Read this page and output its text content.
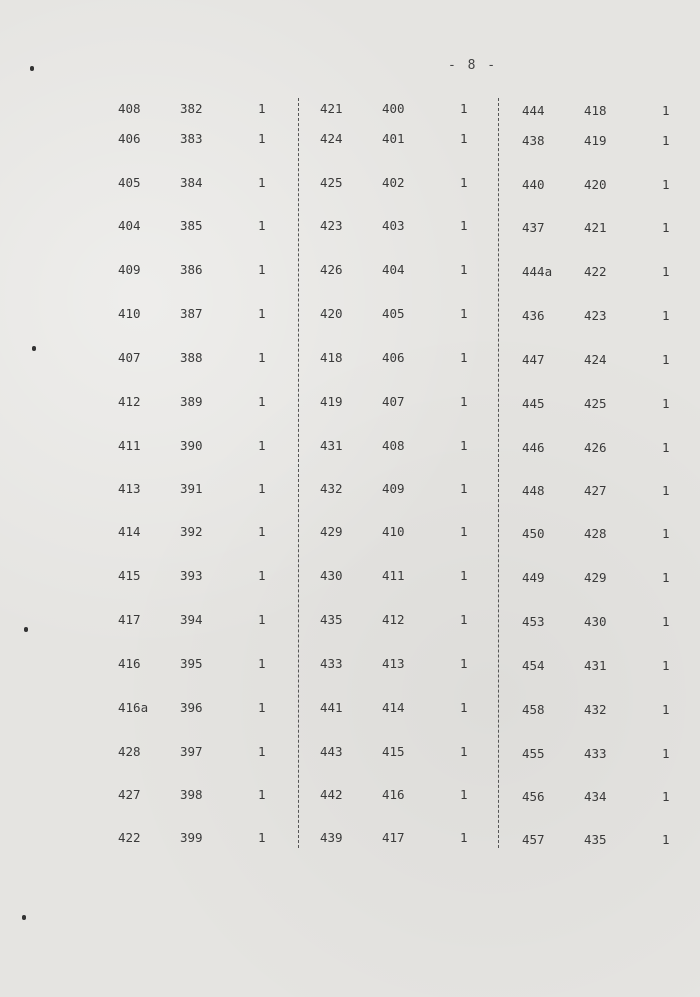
- 8 -
408	382	1	421	400	1	444	418	1
406	383	1	424	401	1	438	419	1
405	384	1	425	402	1	440	420	1
404	385	1	423	403	1	437	421	1
409	386	1	426	404	1	444a	422	1
410	387	1	420	405	1	436	423	1
407	388	1	418	406	1	447	424	1
412	389	1	419	407	1	445	425	1
411	390	1	431	408	1	446	426	1
413	391	1	432	409	1	448	427	1
414	392	1	429	410	1	450	428	1
415	393	1	430	411	1	449	429	1
417	394	1	435	412	1	453	430	1
416	395	1	433	413	1	454	431	1
416a	396	1	441	414	1	458	432	1
428	397	1	443	415	1	455	433	1
427	398	1	442	416	1	456	434	1
422	399	1	439	417	1	457	435	1
